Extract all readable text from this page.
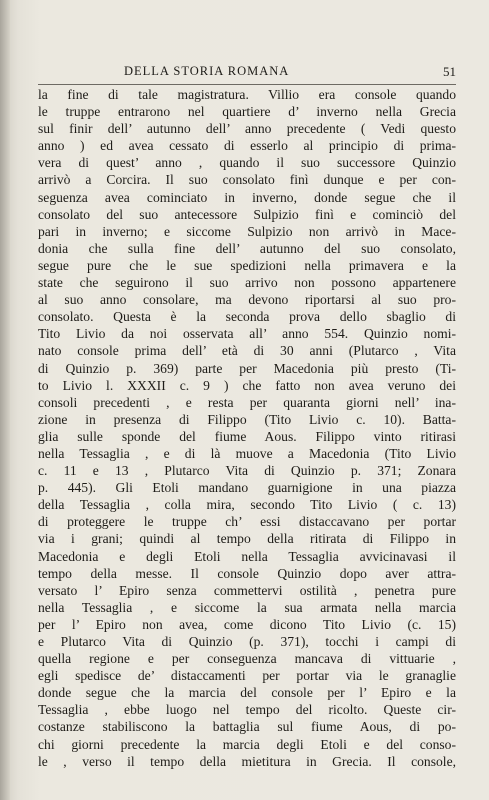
DELLA STORIA ROMANA	51
la fine di tale magistratura. Villio era console quando
le truppe entrarono nel quartiere d’ inverno nella Grecia
sul finir dell’ autunno dell’ anno precedente ( Vedi questo
anno ) ed avea cessato di esserlo al principio di prima-
vera di quest’ anno , quando il suo successore Quinzio
arrivò a Corcira. Il suo consolato finì dunque e per con-
seguenza avea cominciato in inverno, donde segue che il
consolato del suo antecessore Sulpizio finì e cominciò del
pari in inverno; e siccome Sulpizio non arrivò in Mace-
donia che sulla fine dell’ autunno del suo consolato,
segue pure che le sue spedizioni nella primavera e la
state che seguirono il suo arrivo non possono appartenere
al suo anno consolare, ma devono riportarsi al suo pro-
consolato. Questa è la seconda prova dello sbaglio di
Tito Livio da noi osservata all’ anno 554. Quinzio nomi-
nato console prima dell’ età di 30 anni (Plutarco , Vita
di Quinzio p. 369) parte per Macedonia più presto (Ti-
to Livio l. XXXII c. 9 ) che fatto non avea veruno dei
consoli precedenti , e resta per quaranta giorni nell’ ina-
zione in presenza di Filippo (Tito Livio c. 10). Batta-
glia sulle sponde del fiume Aous. Filippo vinto ritirasi
nella Tessaglia , e di là muove a Macedonia (Tito Livio
c. 11 e 13 , Plutarco Vita di Quinzio p. 371; Zonara
p. 445). Gli Etoli mandano guarnigione in una piazza
della Tessaglia , colla mira, secondo Tito Livio ( c. 13)
di proteggere le truppe ch’ essi distaccavano per portar
via i grani; quindi al tempo della ritirata di Filippo in
Macedonia e degli Etoli nella Tessaglia avvicinavasi il
tempo della messe. Il console Quinzio dopo aver attra-
versato l’ Epiro senza commettervi ostilità , penetra pure
nella Tessaglia , e siccome la sua armata nella marcia
per l’ Epiro non avea, come dicono Tito Livio (c. 15)
e Plutarco Vita di Quinzio (p. 371), tocchi i campi di
quella regione e per conseguenza mancava di vittuarie ,
egli spedisce de’ distaccamenti per portar via le granaglie
donde segue che la marcia del console per l’ Epiro e la
Tessaglia , ebbe luogo nel tempo del ricolto. Queste cir-
costanze stabiliscono la battaglia sul fiume Aous, di po-
chi giorni precedente la marcia degli Etoli e del conso-
le , verso il tempo della mietitura in Grecia. Il console,
